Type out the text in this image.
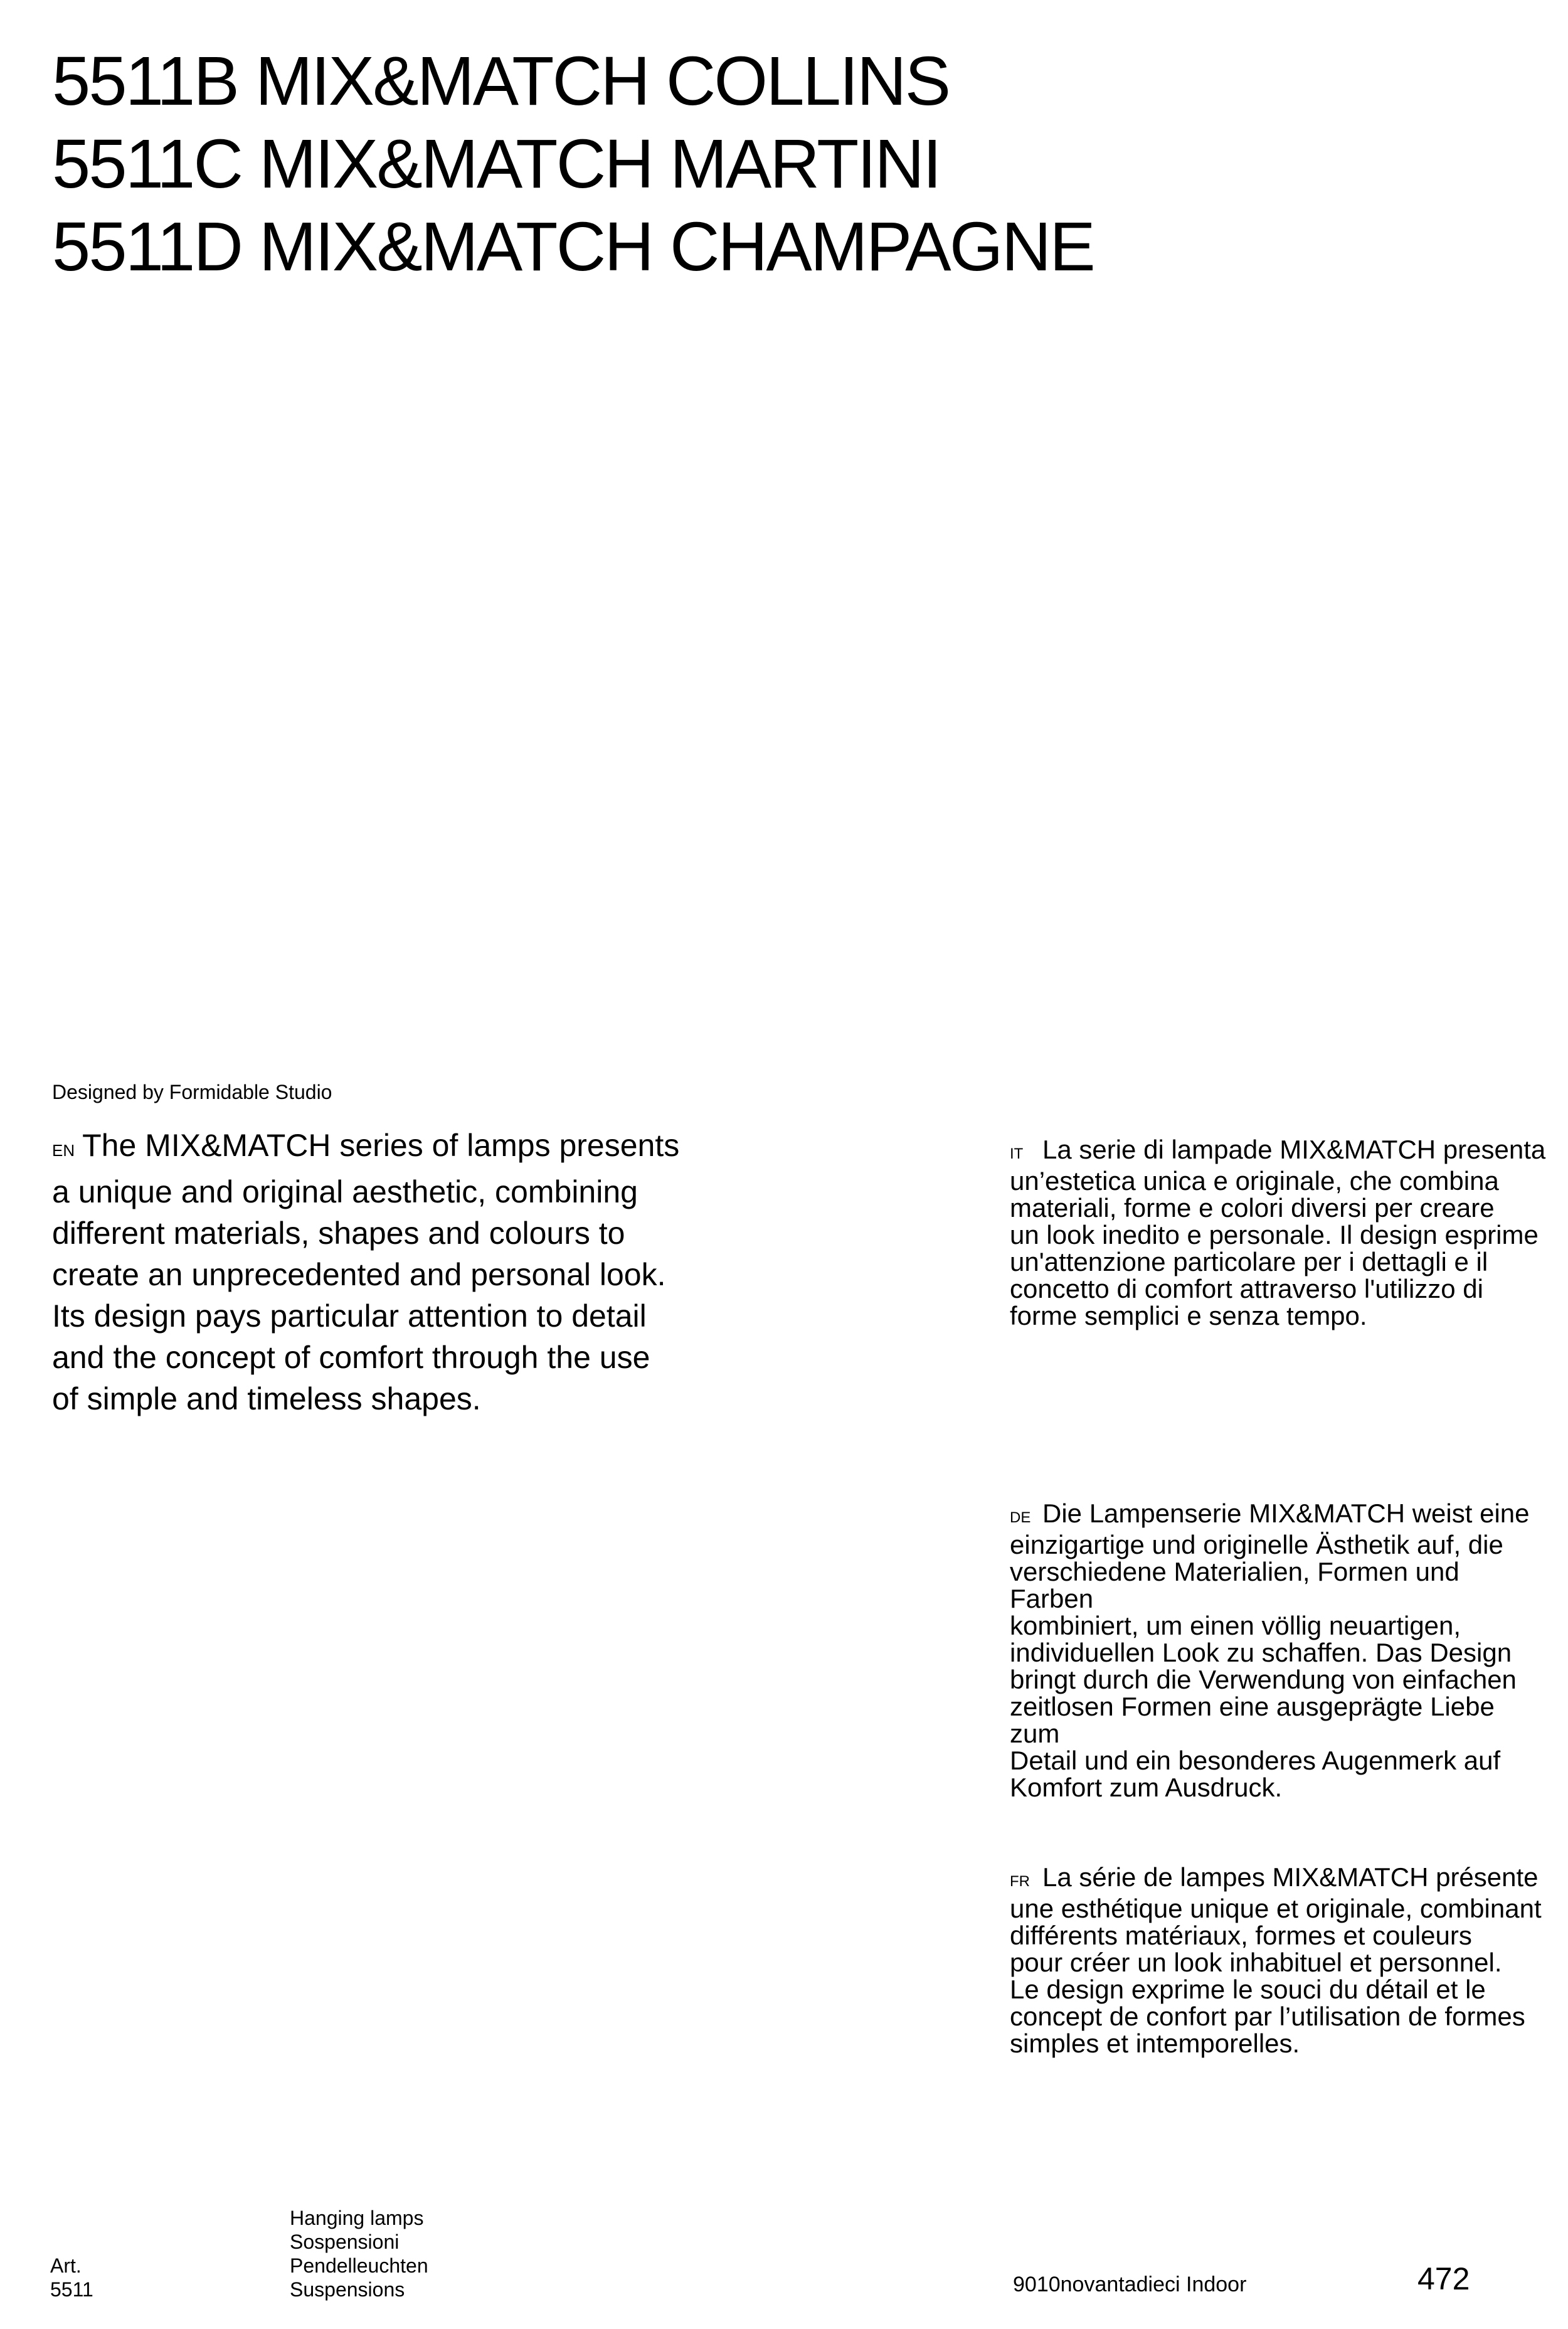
5511B MIX&MATCH COLLINS
5511C MIX&MATCH MARTINI
5511D MIX&MATCH CHAMPAGNE
Designed by Formidable Studio
EN The MIX&MATCH series of lamps presents
a unique and original aesthetic, combining
different materials, shapes and colours to
create an unprecedented and personal look.
Its design pays particular attention to detail
and the concept of comfort through the use
of simple and timeless shapes.
IT La serie di lampade MIX&MATCH presenta
un’estetica unica e originale, che combina
materiali, forme e colori diversi per creare
un look inedito e personale. Il design esprime
un'attenzione particolare per i dettagli e il
concetto di comfort attraverso l'utilizzo di
forme semplici e senza tempo.
DE Die Lampenserie MIX&MATCH weist eine
einzigartige und originelle Ästhetik auf, die
verschiedene Materialien, Formen und Farben
kombiniert, um einen völlig neuartigen,
individuellen Look zu schaffen. Das Design
bringt durch die Verwendung von einfachen
zeitlosen Formen eine ausgeprägte Liebe zum
Detail und ein besonderes Augenmerk auf
Komfort zum Ausdruck.
FR La série de lampes MIX&MATCH présente
une esthétique unique et originale, combinant
différents matériaux, formes et couleurs
pour créer un look inhabituel et personnel.
Le design exprime le souci du détail et le
concept de confort par l’utilisation de formes
simples et intemporelles.
Art.
5511
Hanging lamps
Sospensioni
Pendelleuchten
Suspensions	9010novantadieci Indoor	472
